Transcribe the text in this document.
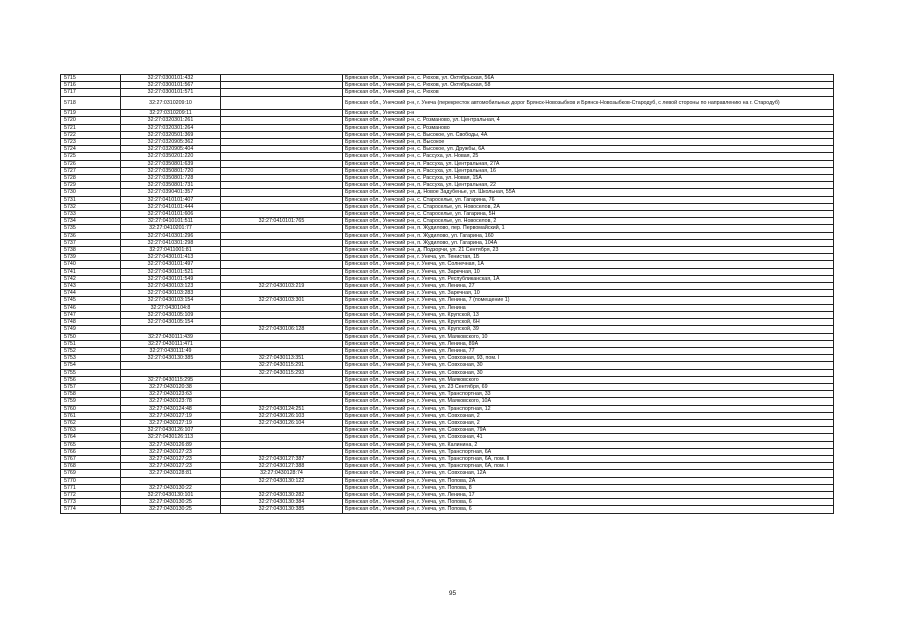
5715	32:27:0300101:432		Брянская обл., Унечский р-н, с. Рюхов, ул. Октябрьская, 56А
5716	32:27:0300101:567		Брянская обл., Унечский р-н, с. Рюхов, ул. Октябрьская, 58
5717	32:27:0300101:571		Брянская обл., Унечский р-н, с. Рюхов
5718	32:27:0310209:10		Брянская обл., Унечский р-н, г. Унеча (перекресток автомобильных дорог Брянск-Новозыбков и Брянск-Новозыбков-Стародуб, с левой стороны по направлению на г. Стародуб)
5719	32:27:0310209:11		Брянская обл., Унечский р-н
5720	32:27:0320301:261		Брянская обл., Унечский р-н, с. Розманово, ул. Центральная, 4
5721	32:27:0320301:264		Брянская обл., Унечский р-н, с. Розманово
5722	32:27:0320501:369		Брянская обл., Унечский р-н, с. Высокое, ул. Свободы, 4А
5723	32:27:0320905:362		Брянская обл., Унечский р-н, п. Высокое
5724	32:27:0320905:404		Брянская обл., Унечский р-н, с. Высокое, ул. Дружбы, 6А
5725	32:27:0350201:220		Брянская обл., Унечский р-н, с. Рассуха, ул. Новая, 25
5726	32:27:0350801:639		Брянская обл., Унечский р-н, п. Рассуха, ул. Центральная, 27А
5727	32:27:0350801:720		Брянская обл., Унечский р-н, п. Рассуха, ул. Центральная, 16
5728	32:27:0350801:728		Брянская обл., Унечский р-н, с. Рассуха, ул. Новая, 15А
5729	32:27:0350801:731		Брянская обл., Унечский р-н, п. Рассуха, ул. Центральная, 22
5730	32:27:0390401:357		Брянская обл., Унечский р-н, д. Новое Задубенье, ул. Школьная, 55А
5731	32:27:0410101:407		Брянская обл., Унечский р-н, с. Староселье, ул. Гагарина, 76
5732	32:27:0410101:444		Брянская обл., Унечский р-н, с. Староселье, ул. Новоселов, 2А
5733	32:27:0410101:606		Брянская обл., Унечский р-н, с. Староселье, ул. Гагарина, 5Н
5734	32:27:0410101:511	32:27:0410101:765	Брянская обл., Унечский р-н, с. Староселье, ул. Новоселов, 2
5735	32:27:0410201:77		Брянская обл., Унечский р-н, п. Жудилово, пер. Первомайский, 1
5736	32:27:0410301:296		Брянская обл., Унечский р-н, п. Жудилово, ул. Гагарина, 160
5737	32:27:0410301:298		Брянская обл., Унечский р-н, п. Жудилово, ул. Гагарина, 104А
5738	32:27:0411001:81		Брянская обл., Унечский р-н, д. Подзорчи, ул. 21 Сентября, 23
5739	32:27:0430101:413		Брянская обл., Унечский р-н, г. Унеча, ул. Тенистая, 1Б
5740	32:27:0430101:497		Брянская обл., Унечский р-н, г. Унеча, ул. Солнечная, 1А
5741	32:27:0430101:521		Брянская обл., Унечский р-н, г. Унеча, ул. Заречная, 10
5742	32:27:0430101:549		Брянская обл., Унечский р-н, г. Унеча, ул. Республиканская, 1А
5743	32:27:0430103:123	32:27:0430103:219	Брянская обл., Унечский р-н, г. Унеча, ул. Ленина, 27
5744	32:27:0430103:283		Брянская обл., Унечский р-н, г. Унеча, ул. Заречная, 10
5745	32:27:0430103:154	32:27:0430103:301	Брянская обл., Унечский р-н, г. Унеча, ул. Ленина, 7 (помещение 1)
5746	32:27:0430104:8		Брянская обл., Унечский р-н, г. Унеча, ул. Ленина
5747	32:27:0430105:109		Брянская обл., Унечский р-н, г. Унеча, ул. Крупской, 13
5748	32:27:0430105:154		Брянская обл., Унечский р-н, г. Унеча, ул. Крупской, 6Н
5749		32:27:0430106:128	Брянская обл., Унечский р-н, г. Унеча, ул. Крупской, 39
5750	32:27:0430111:439		Брянская обл., Унечский р-н, г. Унеча, ул. Маяковского, 10
5751	32:27:0430111:471		Брянская обл., Унечский р-н, г. Унеча, ул. Ленина, 89А
5752	32:27:0430111:49		Брянская обл., Унечский р-н, г. Унеча, ул. Ленина, 77
5753	32:27:0430130:385	32:27:0430113:351	Брянская обл., Унечский р-н, г. Унеча, ул. Совхозная, 93, пом. I
5754		32:27:0430115:291	Брянская обл., Унечский р-н, г. Унеча, ул. Совхозная, 30
5755		32:27:0430115:293	Брянская обл., Унечский р-н, г. Унеча, ул. Совхозная, 30
5756	32:27:0430115:295		Брянская обл., Унечский р-н, г. Унеча, ул. Маяковского
5757	32:27:0430120:38		Брянская обл., Унечский р-н, г. Унеча, ул. 23 Сентября, 69
5758	32:27:0430123:63		Брянская обл., Унечский р-н, г. Унеча, ул. Транспортная, 33
5759	32:27:0430123:78		Брянская обл., Унечский р-н, г. Унеча, ул. Маяковского, 10А
5760	32:27:0430124:48	32:27:0430124:251	Брянская обл., Унечский р-н, г. Унеча, ул. Транспортная, 12
5761	32:27:0430127:19	32:27:0430126:103	Брянская обл., Унечский р-н, г. Унеча, ул. Совхозная, 2
5762	32:27:0430127:19	32:27:0430126:104	Брянская обл., Унечский р-н, г. Унеча, ул. Совхозная, 2
5763	32:27:0430126:107		Брянская обл., Унечский р-н, г. Унеча, ул. Совхозная, 79А
5764	32:27:0430126:113		Брянская обл., Унечский р-н, г. Унеча, ул. Совхозная, 41
5765	32:27:0430126:89		Брянская обл., Унечский р-н, г. Унеча, ул. Калинина, 2
5766	32:27:0430127:23		Брянская обл., Унечский р-н, г. Унеча, ул. Транспортная, 6А
5767	32:27:0430127:23	32:27:0430127:387	Брянская обл., Унечский р-н, г. Унеча, ул. Транспортная, 6А, пом. II
5768	32:27:0430127:23	32:27:0430127:388	Брянская обл., Унечский р-н, г. Унеча, ул. Транспортная, 6А, пом. I
5769	32:27:0430128:81	32:27:0430128:74	Брянская обл., Унечский р-н, г. Унеча, ул. Совхозная, 12А
5770		32:27:0430130:122	Брянская обл., Унечский р-н, г. Унеча, ул. Попова, 2А
5771	32:27:0430130:22		Брянская обл., Унечский р-н, г. Унеча, ул. Попова, 8
5772	32:27:0430130:101	32:27:0430130:282	Брянская обл., Унечский р-н, г. Унеча, ул. Ленина, 17
5773	32:27:0430130:25	32:27:0430130:384	Брянская обл., Унечский р-н, г. Унеча, ул. Попова, 6
5774	32:27:0430130:25	32:27:0430130:385	Брянская обл., Унечский р-н, г. Унеча, ул. Попова, 6
95
